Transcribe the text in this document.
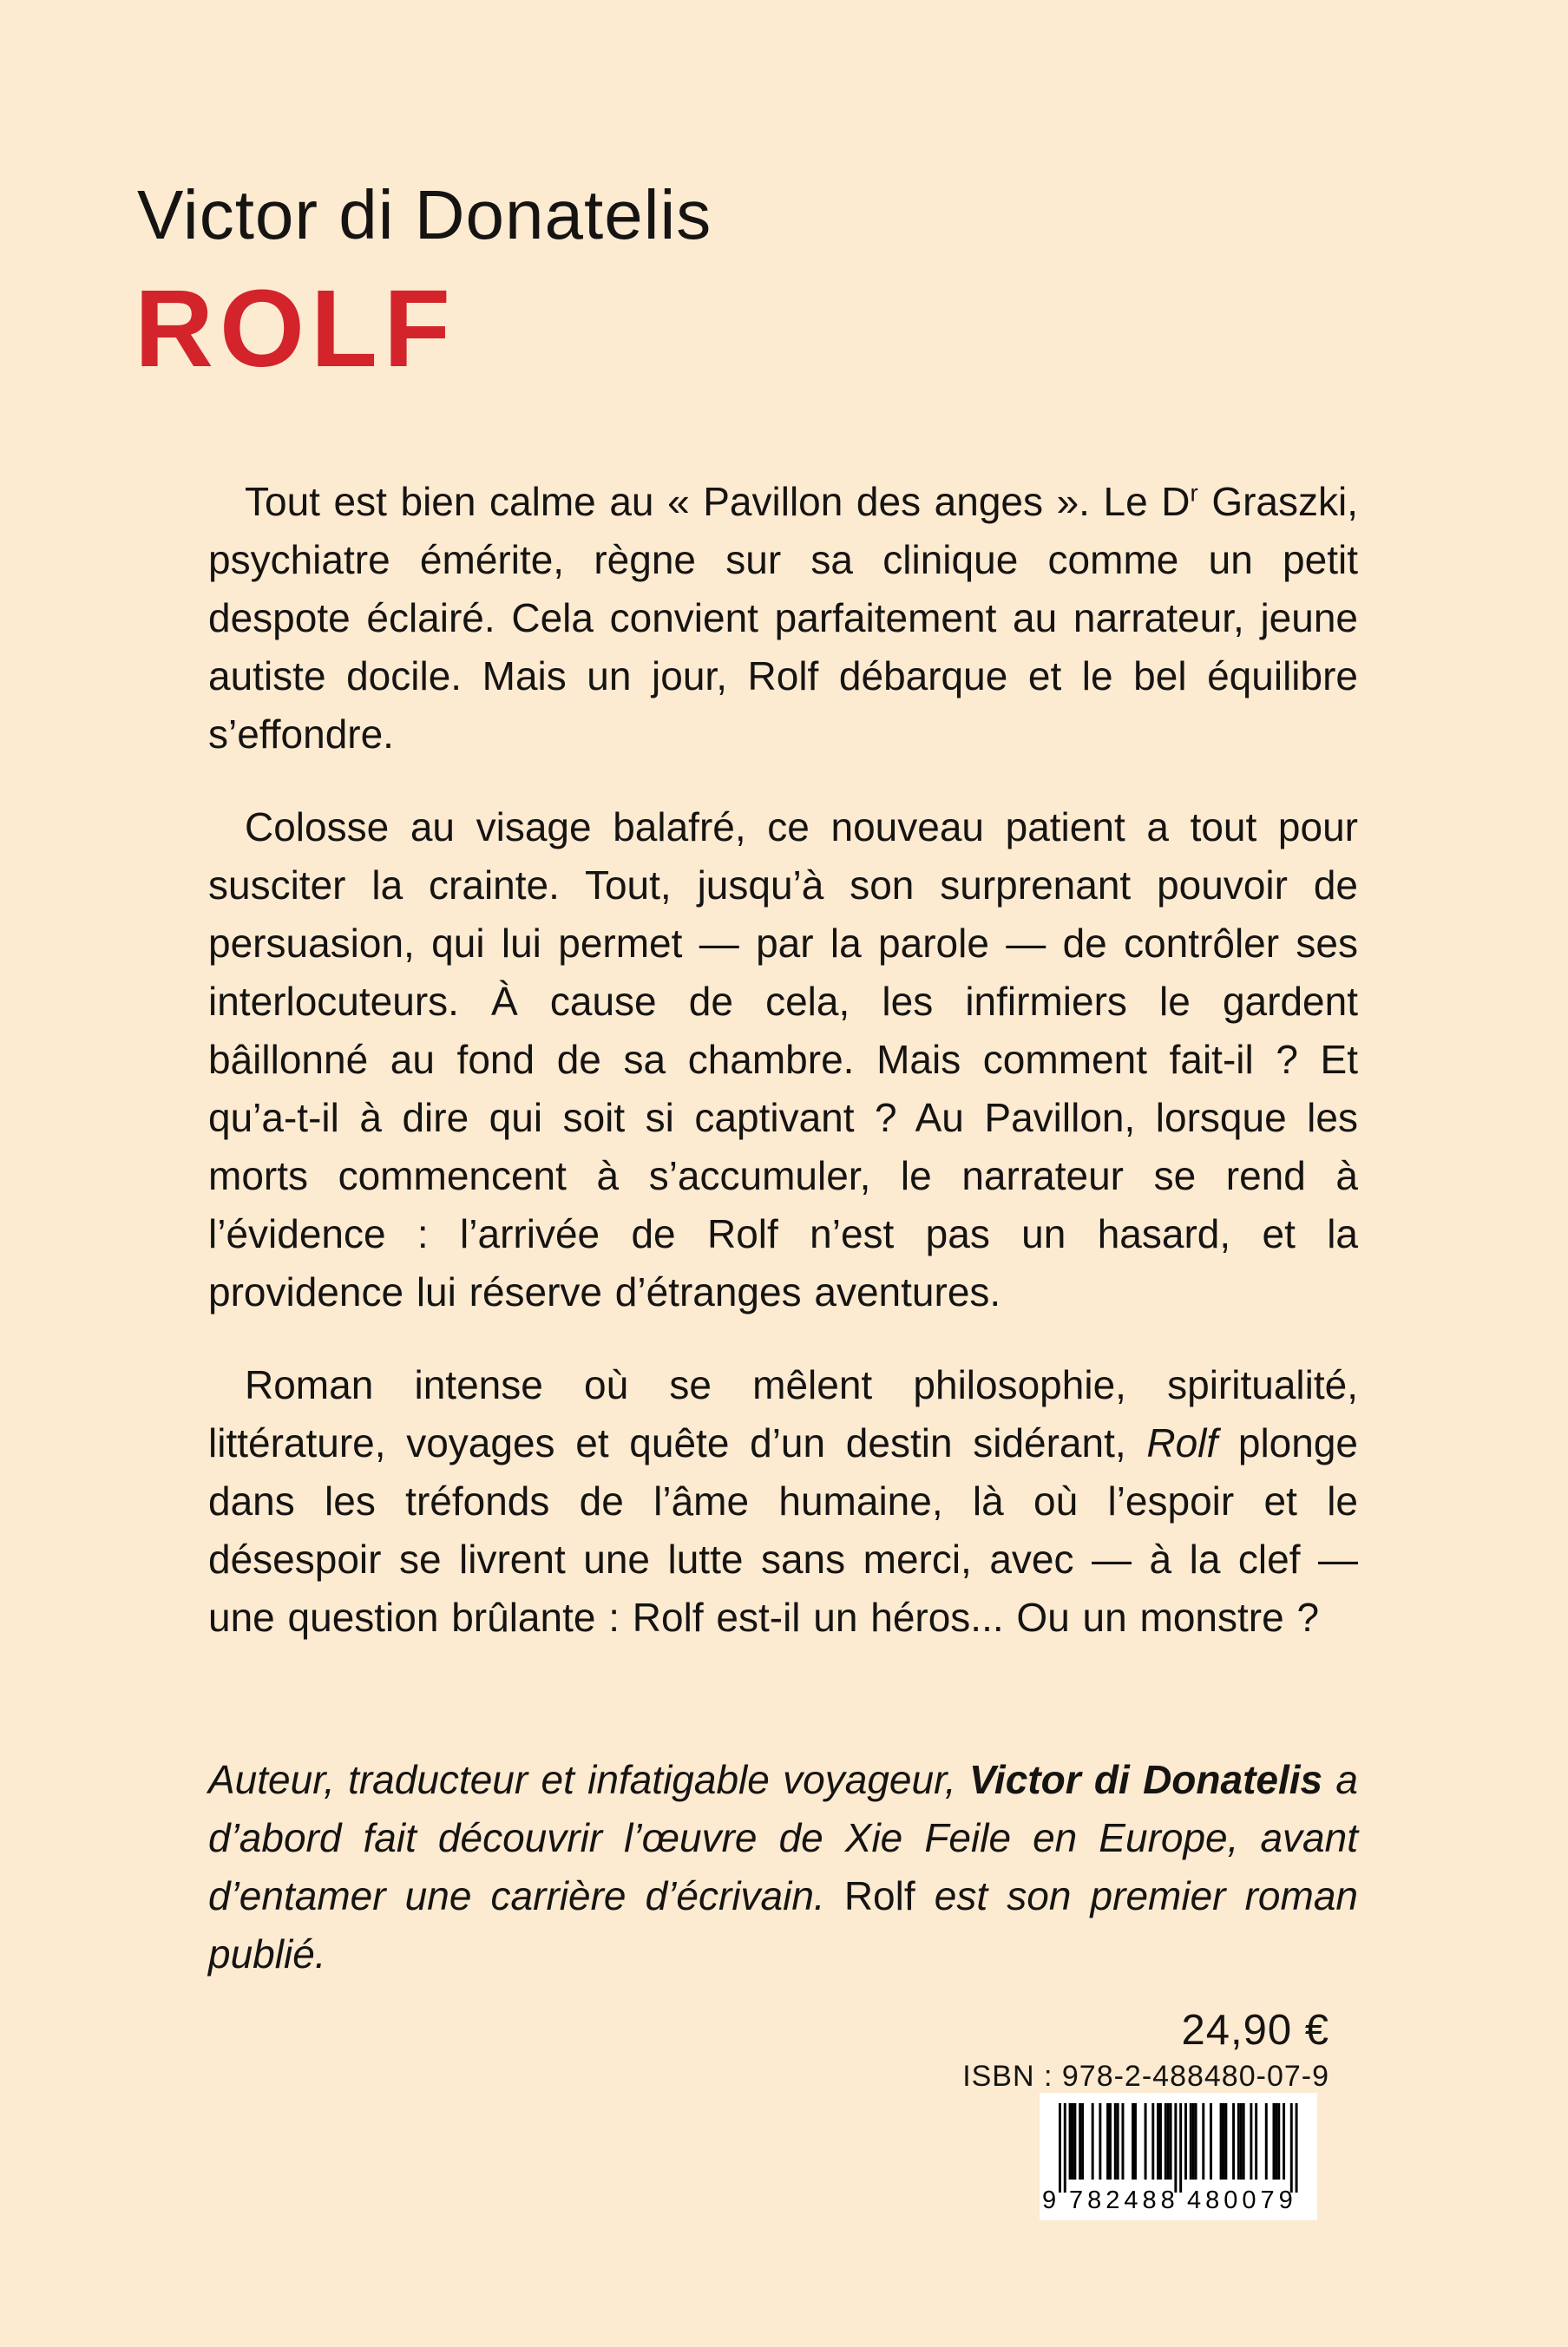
Victor di Donatelis
ROLF

Tout est bien calme au « Pavillon des anges ». Le $D^r$ Graszki, psychiatre émérite, règne sur sa clinique comme un petit despote éclairé. Cela convient parfaitement au narrateur, jeune autiste docile. Mais un jour, Rolf débarque et le bel équilibre s’effondre.

Colosse au visage balafré, ce nouveau patient a tout pour susciter la crainte. Tout, jusqu’à son surprenant pouvoir de persuasion, qui lui permet — par la parole — de contrôler ses interlocuteurs. À cause de cela, les infirmiers le gardent bâillonné au fond de sa chambre. Mais comment fait-il ? Et qu’a-t-il à dire qui soit si captivant ? Au Pavillon, lorsque les morts commencent à s’accumuler, le narrateur se rend à l’évidence : l’arrivée de Rolf n’est pas un hasard, et la providence lui réserve d’étranges aventures.

Roman intense où se mêlent philosophie, spiritualité, littérature, voyages et quête d’un destin sidérant, Rolf plonge dans les tréfonds de l’âme humaine, là où l’espoir et le désespoir se livrent une lutte sans merci, avec — à la clef — une question brûlante : Rolf est-il un héros... Ou un monstre ?

Auteur, traducteur et infatigable voyageur, Victor di Donatelis a d’abord fait découvrir l’œuvre de Xie Feile en Europe, avant d’entamer une carrière d’écrivain. Rolf est son premier roman publié.

24,90 €
ISBN : 978-2-488480-07-9
9 782488 480079
